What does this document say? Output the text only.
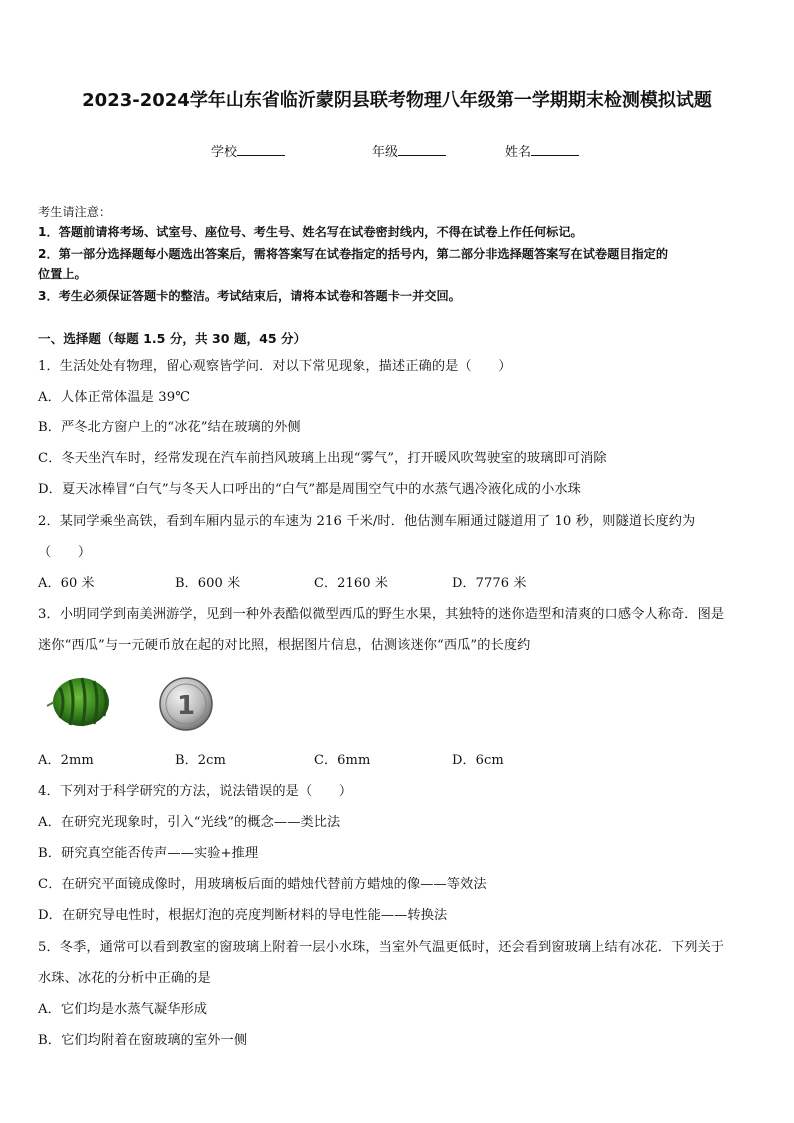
2023-2024学年山东省临沂蒙阴县联考物理八年级第一学期期末检测模拟试题
学校	年级	姓名
考生请注意：
1．答题前请将考场、试室号、座位号、考生号、姓名写在试卷密封线内，不得在试卷上作任何标记。
2．第一部分选择题每小题选出答案后，需将答案写在试卷指定的括号内，第二部分非选择题答案写在试卷题目指定的
位置上。
3．考生必须保证答题卡的整洁。考试结束后，请将本试卷和答题卡一并交回。
一、选择题（每题 1.5 分，共 30 题，45 分）
1．生活处处有物理，留心观察皆学问．对以下常见现象，描述正确的是（　　）
A．人体正常体温是 39℃
B．严冬北方窗户上的“冰花”结在玻璃的外侧
C．冬天坐汽车时，经常发现在汽车前挡风玻璃上出现“雾气”，打开暖风吹驾驶室的玻璃即可消除
D．夏天冰棒冒“白气”与冬天人口呼出的“白气”都是周围空气中的水蒸气遇冷液化成的小水珠
2．某同学乘坐高铁，看到车厢内显示的车速为 216 千米/时．他估测车厢通过隧道用了 10 秒，则隧道长度约为
（　　）
A．60 米	B．600 米	C．2160 米	D．7776 米
3．小明同学到南美洲游学，见到一种外表酷似微型西瓜的野生水果，其独特的迷你造型和清爽的口感令人称奇．图是
迷你“西瓜”与一元硬币放在起的对比照，根据图片信息，估测该迷你“西瓜”的长度约
1
A．2mm	B．2cm	C．6mm	D．6cm
4．下列对于科学研究的方法，说法错误的是（　　）
A．在研究光现象时，引入“光线”的概念——类比法
B．研究真空能否传声——实验+推理
C．在研究平面镜成像时，用玻璃板后面的蜡烛代替前方蜡烛的像——等效法
D．在研究导电性时，根据灯泡的亮度判断材料的导电性能——转换法
5．冬季，通常可以看到教室的窗玻璃上附着一层小水珠，当室外气温更低时，还会看到窗玻璃上结有冰花．下列关于
水珠、冰花的分析中正确的是
A．它们均是水蒸气凝华形成
B．它们均附着在窗玻璃的室外一侧
